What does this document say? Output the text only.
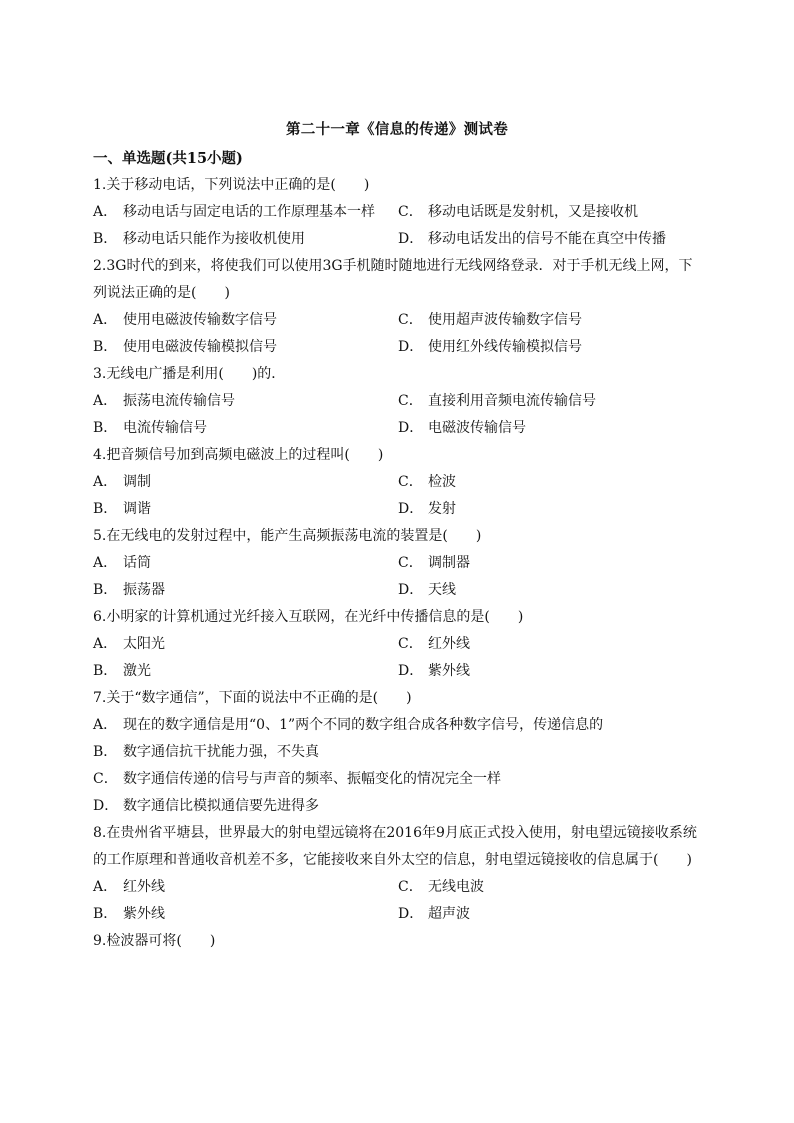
第二十一章《信息的传递》测试卷
一、单选题(共15小题)

1.关于移动电话，下列说法中正确的是(　　)

A． 移动电话与固定电话的工作原理基本一样	C． 移动电话既是发射机，又是接收机
B． 移动电话只能作为接收机使用	D． 移动电话发出的信号不能在真空中传播

2.3G时代的到来，将使我们可以使用3G手机随时随地进行无线网络登录．对于手机无线上网，下列说法正确的是(　　)

A． 使用电磁波传输数字信号	C． 使用超声波传输数字信号
B． 使用电磁波传输模拟信号	D． 使用红外线传输模拟信号

3.无线电广播是利用(　　)的．

A． 振荡电流传输信号	C． 直接利用音频电流传输信号
B． 电流传输信号	D． 电磁波传输信号

4.把音频信号加到高频电磁波上的过程叫(　　)

A． 调制	C． 检波
B． 调谐	D． 发射

5.在无线电的发射过程中，能产生高频振荡电流的装置是(　　)

A． 话筒	C． 调制器
B． 振荡器	D． 天线

6.小明家的计算机通过光纤接入互联网，在光纤中传播信息的是(　　)

A． 太阳光	C． 红外线
B． 激光	D． 紫外线

7.关于“数字通信”，下面的说法中不正确的是(　　)

A． 现在的数字通信是用“0、1”两个不同的数字组合成各种数字信号，传递信息的
B． 数字通信抗干扰能力强，不失真
C． 数字通信传递的信号与声音的频率、振幅变化的情况完全一样
D． 数字通信比模拟通信要先进得多

8.在贵州省平塘县，世界最大的射电望远镜将在2016年9月底正式投入使用，射电望远镜接收系统的工作原理和普通收音机差不多，它能接收来自外太空的信息，射电望远镜接收的信息属于(　　)

A． 红外线	C． 无线电波
B． 紫外线	D． 超声波

9.检波器可将(　　)
